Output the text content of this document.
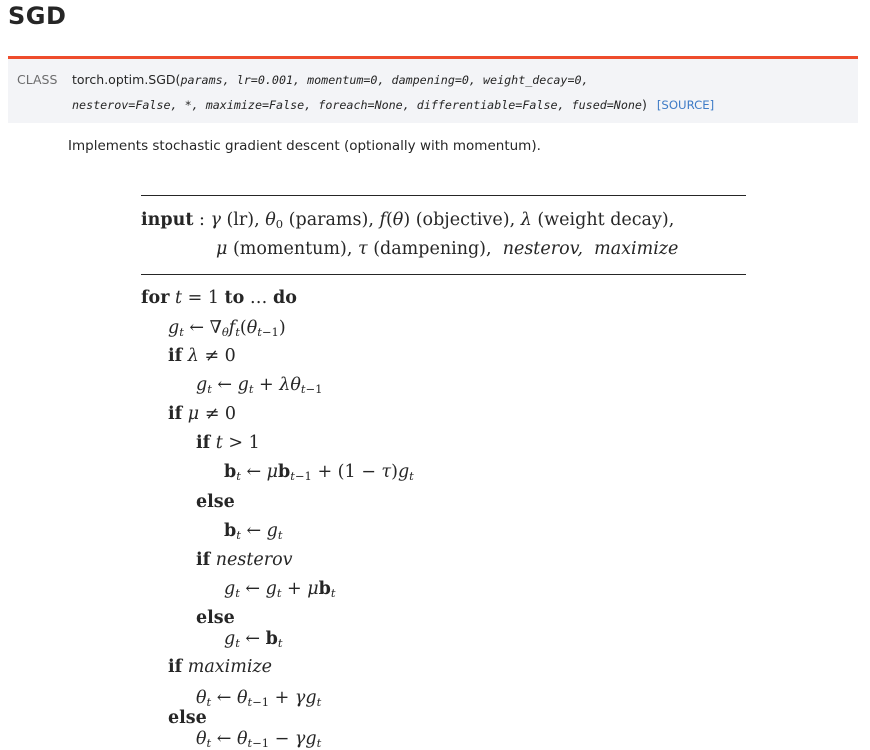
SGD
CLASS torch.optim.SGD(params, lr=0.001, momentum=0, dampening=0, weight_decay=0,
nesterov=False, *, maximize=False, foreach=None, differentiable=False, fused=None) [SOURCE]
Implements stochastic gradient descent (optionally with momentum).
input : γ (lr), $\theta_0$ (params), f(θ) (objective), λ (weight decay),
μ (momentum), τ (dampening),  nesterov, maximize
for t = 1 to … do
$g_t$ ← $\nabla_\theta f_t(\theta_{t-1})$
if λ ≠ 0
$g_t$ ← $g_t + \lambda\theta_{t-1}$
if μ ≠ 0
if t > 1
$b_t$ ← $\mu b_{t-1} + (1 - \tau)g_t$
else
$b_t$ ← $g_t$
if nesterov
$g_t$ ← $g_t + \mu b_t$
else
$g_t$ ← $b_t$
if maximize
$\theta_t$ ← $\theta_{t-1} + \gamma g_t$
else
$\theta_t$ ← $\theta_{t-1} - \gamma g_t$
